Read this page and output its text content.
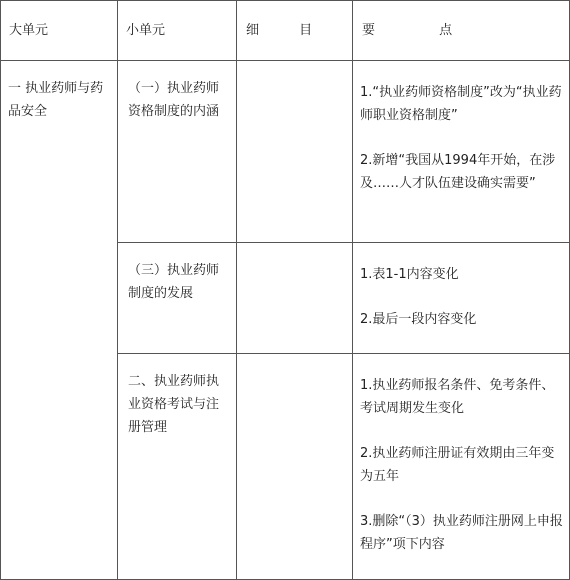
大单元	小单元	细 目	要 点

一 执业药师与药品安全	（一）执业药师资格制度的内涵		1.“执业药师资格制度”改为“执业药师职业资格制度”

2.新增“我国从1994年开始，在涉及……人才队伍建设确实需要”

	（三）执业药师制度的发展		1.表1-1内容变化

2.最后一段内容变化

	二、执业药师执业资格考试与注册管理		1.执业药师报名条件、免考条件、考试周期发生变化

2.执业药师注册证有效期由三年变为五年

3.删除“（3）执业药师注册网上申报程序”项下内容
